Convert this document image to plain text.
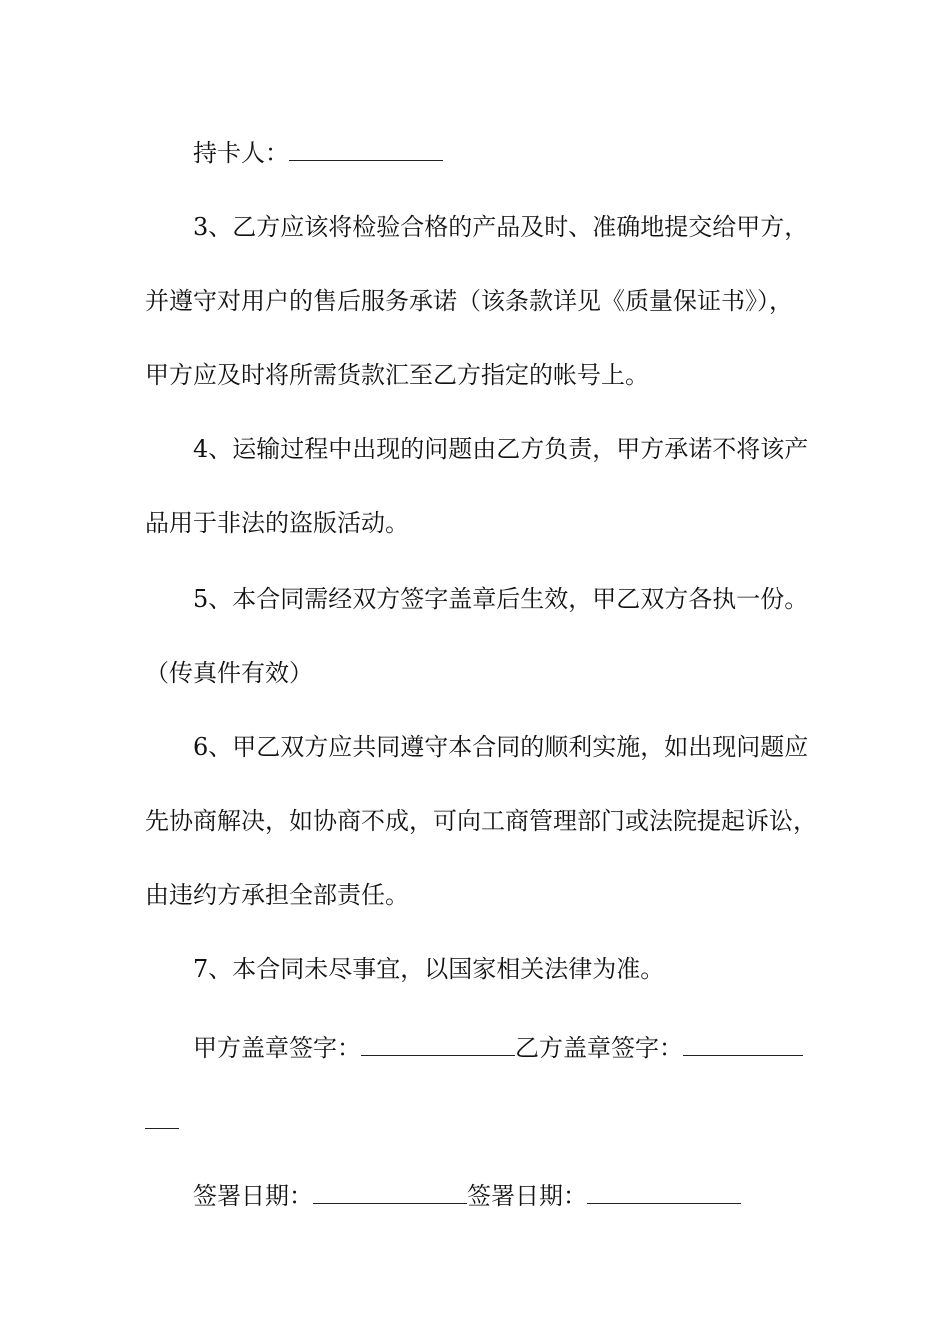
持卡人：
3、乙方应该将检验合格的产品及时、准确地提交给甲方，
并遵守对用户的售后服务承诺（该条款详见《质量保证书》），
甲方应及时将所需货款汇至乙方指定的帐号上。
4、运输过程中出现的问题由乙方负责，甲方承诺不将该产
品用于非法的盗版活动。
5、本合同需经双方签字盖章后生效，甲乙双方各执一份。
（传真件有效）
6、甲乙双方应共同遵守本合同的顺利实施，如出现问题应
先协商解决，如协商不成，可向工商管理部门或法院提起诉讼，
由违约方承担全部责任。
7、本合同未尽事宜，以国家相关法律为准。
甲方盖章签字：	乙方盖章签字：
签署日期：	签署日期：
